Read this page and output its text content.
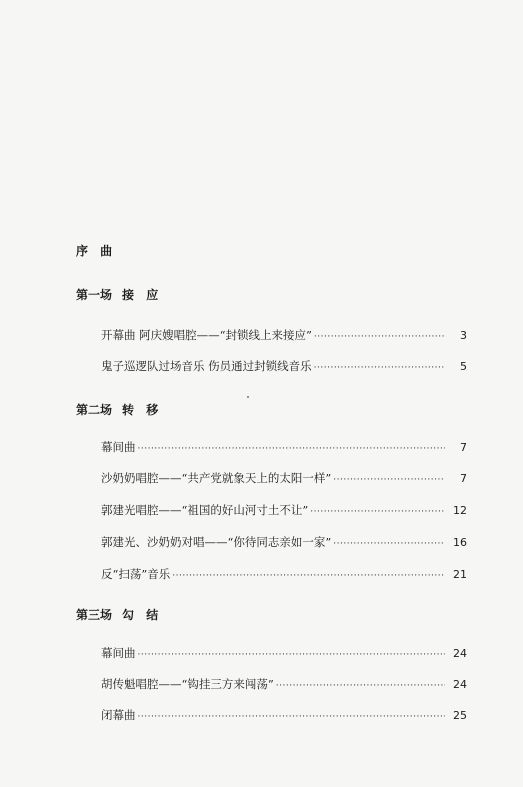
序 曲
第一场 接 应
开幕曲 阿庆嫂唱腔——“封锁线上来接应” ·····	3
鬼子巡逻队过场音乐 伤员通过封锁线音乐 ·····	5
第二场 转 移
幕间曲 ·····	7
沙奶奶唱腔——“共产党就象天上的太阳一样” ·····	7
郭建光唱腔——“祖国的好山河寸土不让” ·····	12
郭建光、沙奶奶对唱——“你待同志亲如一家” ·····	16
反“扫荡”音乐 ·····	21
第三场 勾 结
幕间曲 ·····	24
胡传魁唱腔——“钩挂三方来闯荡” ·····	24
闭幕曲 ·····	25
